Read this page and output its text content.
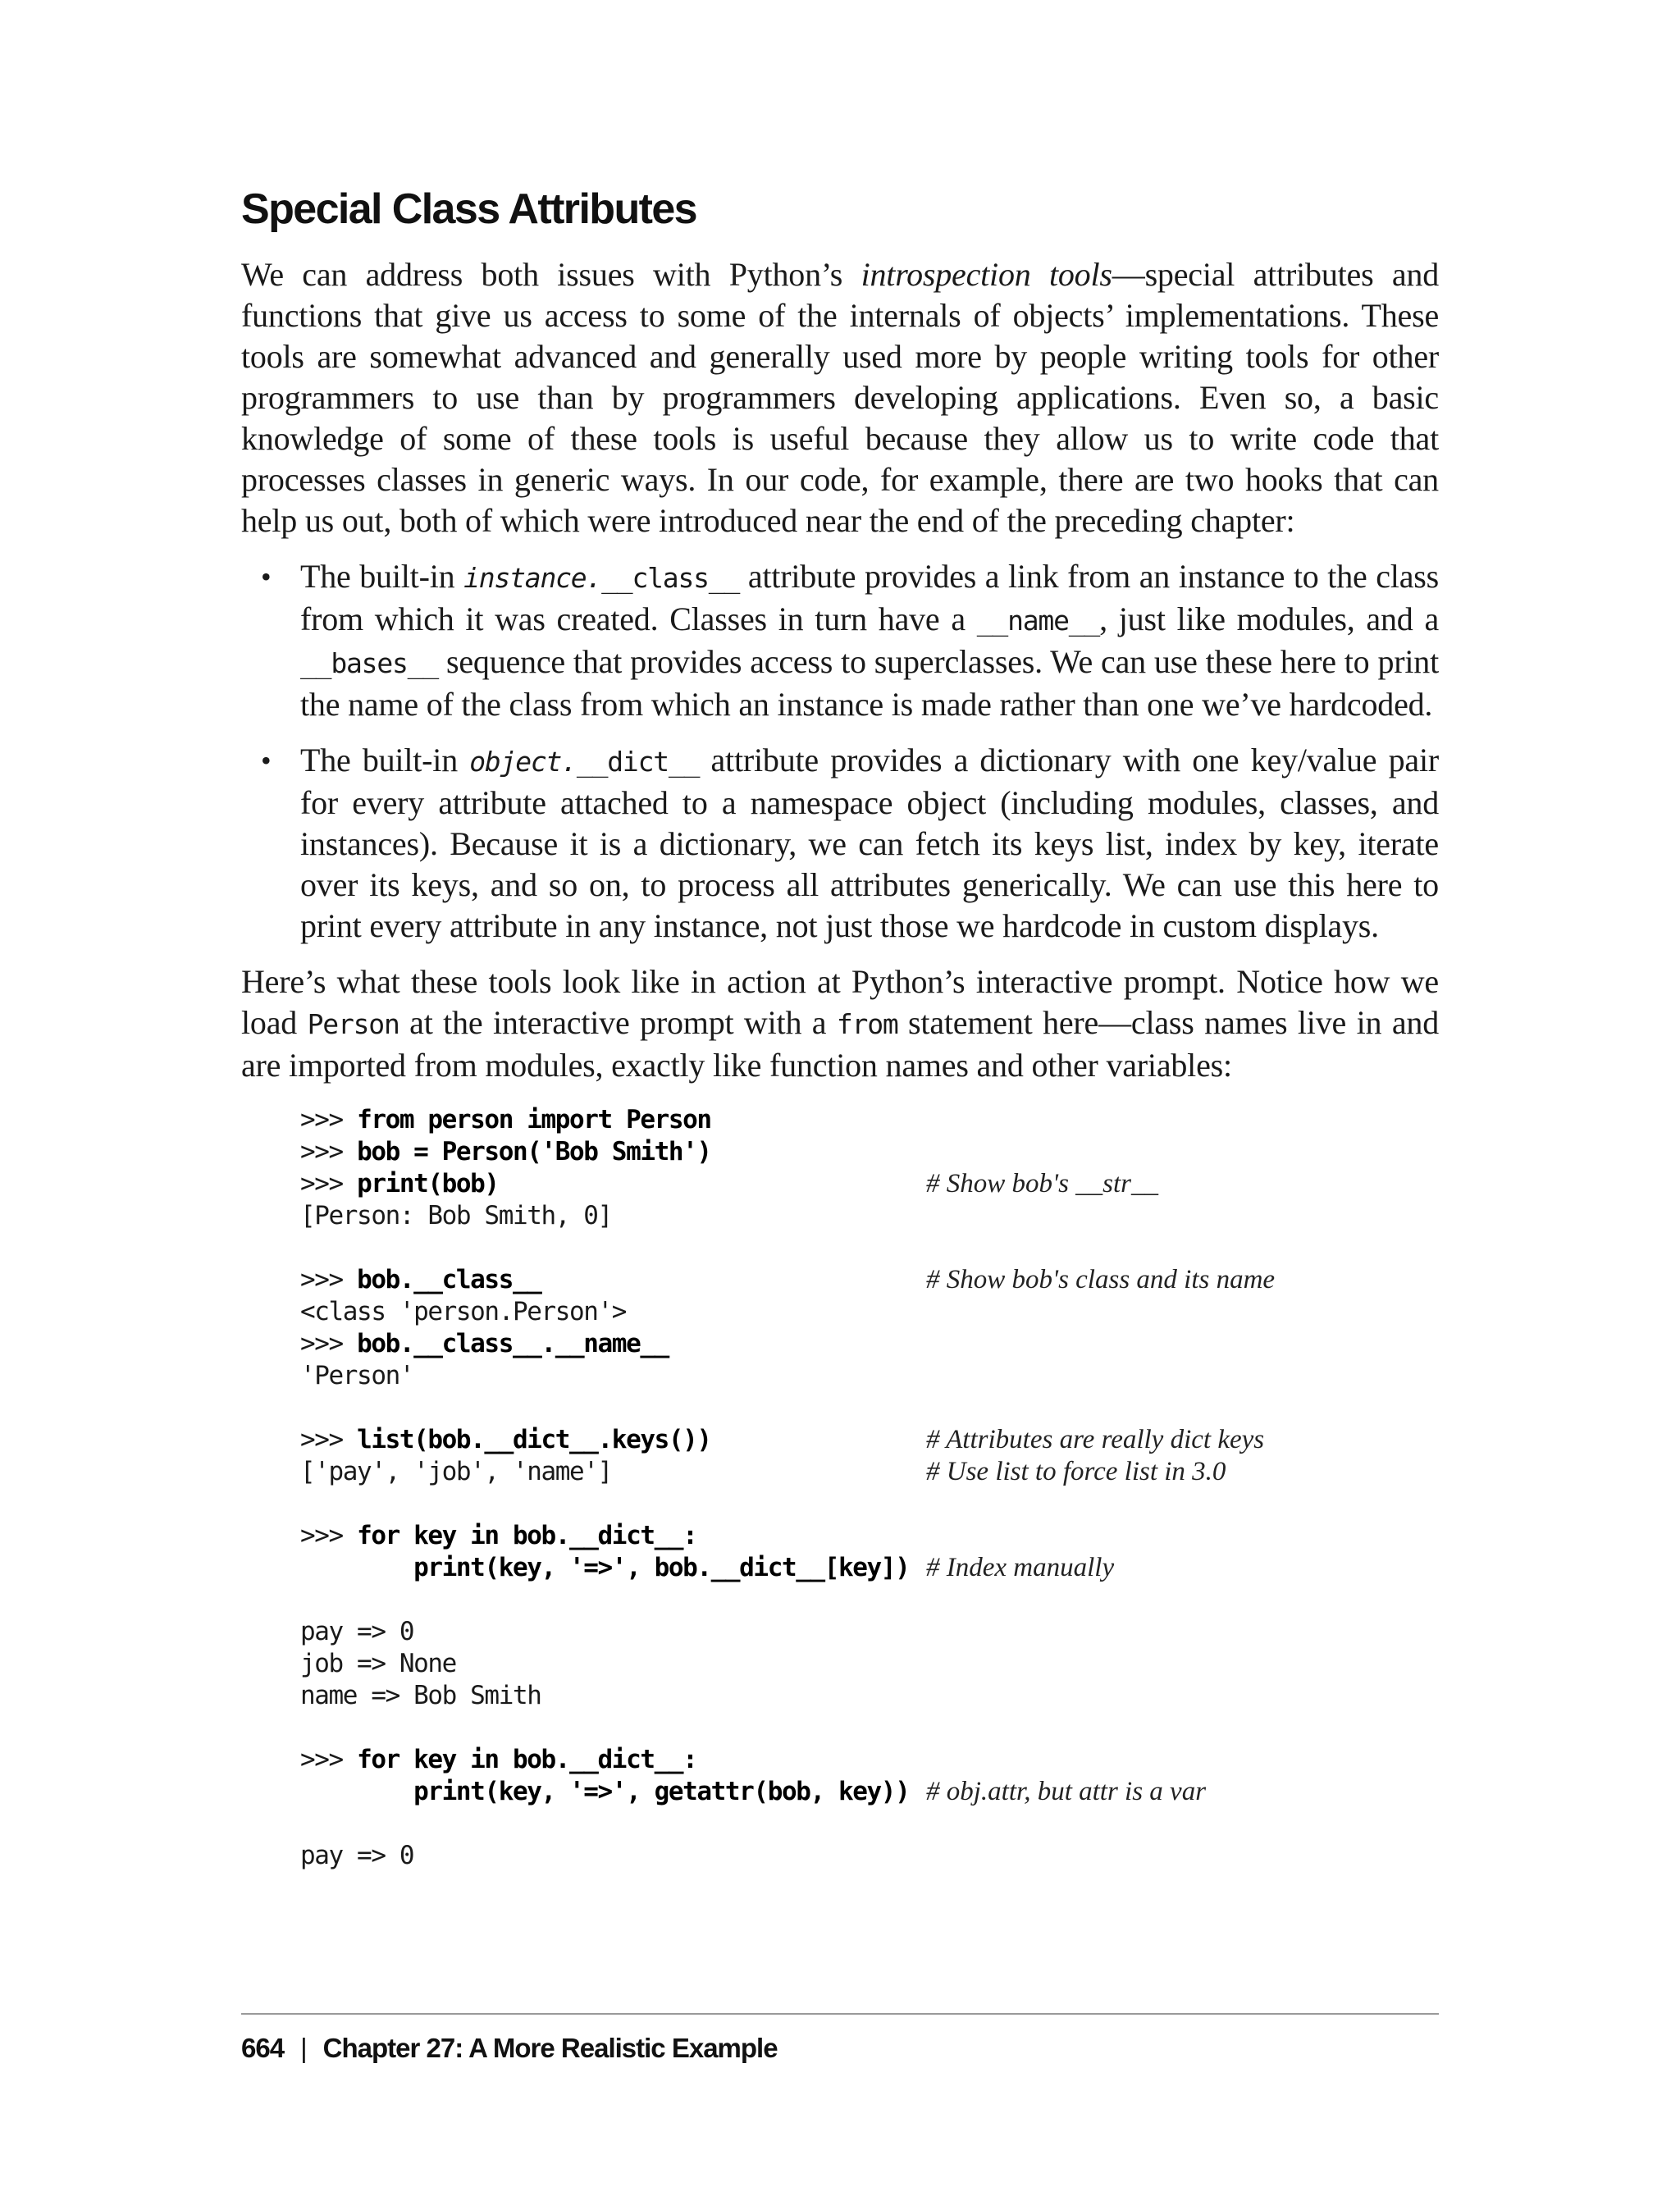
Special Class Attributes

We can address both issues with Python’s introspection tools—special attributes and functions that give us access to some of the internals of objects’ implementations. These tools are somewhat advanced and generally used more by people writing tools for other programmers to use than by programmers developing applications. Even so, a basic knowledge of some of these tools is useful because they allow us to write code that processes classes in generic ways. In our code, for example, there are two hooks that can help us out, both of which were introduced near the end of the preceding chapter:

• The built-in instance.__class__ attribute provides a link from an instance to the class from which it was created. Classes in turn have a __name__, just like modules, and a __bases__ sequence that provides access to superclasses. We can use these here to print the name of the class from which an instance is made rather than one we’ve hardcoded.
• The built-in object.__dict__ attribute provides a dictionary with one key/value pair for every attribute attached to a namespace object (including modules, classes, and instances). Because it is a dictionary, we can fetch its keys list, index by key, iterate over its keys, and so on, to process all attributes generically. We can use this here to print every attribute in any instance, not just those we hardcode in custom displays.

Here’s what these tools look like in action at Python’s interactive prompt. Notice how we load Person at the interactive prompt with a from statement here—class names live in and are imported from modules, exactly like function names and other variables:

>>> from person import Person
>>> bob = Person('Bob Smith')
>>> print(bob)	# Show bob's __str__
[Person: Bob Smith, 0]
>>> bob.__class__	# Show bob's class and its name
<class 'person.Person'>
>>> bob.__class__.__name__
'Person'
>>> list(bob.__dict__.keys())	# Attributes are really dict keys
['pay', 'job', 'name']	# Use list to force list in 3.0
>>> for key in bob.__dict__:
print(key, '=>', bob.__dict__[key]) # Index manually
pay => 0
job => None
name => Bob Smith
>>> for key in bob.__dict__:
print(key, '=>', getattr(bob, key)) # obj.attr, but attr is a var
pay => 0
664 | Chapter 27: A More Realistic Example
